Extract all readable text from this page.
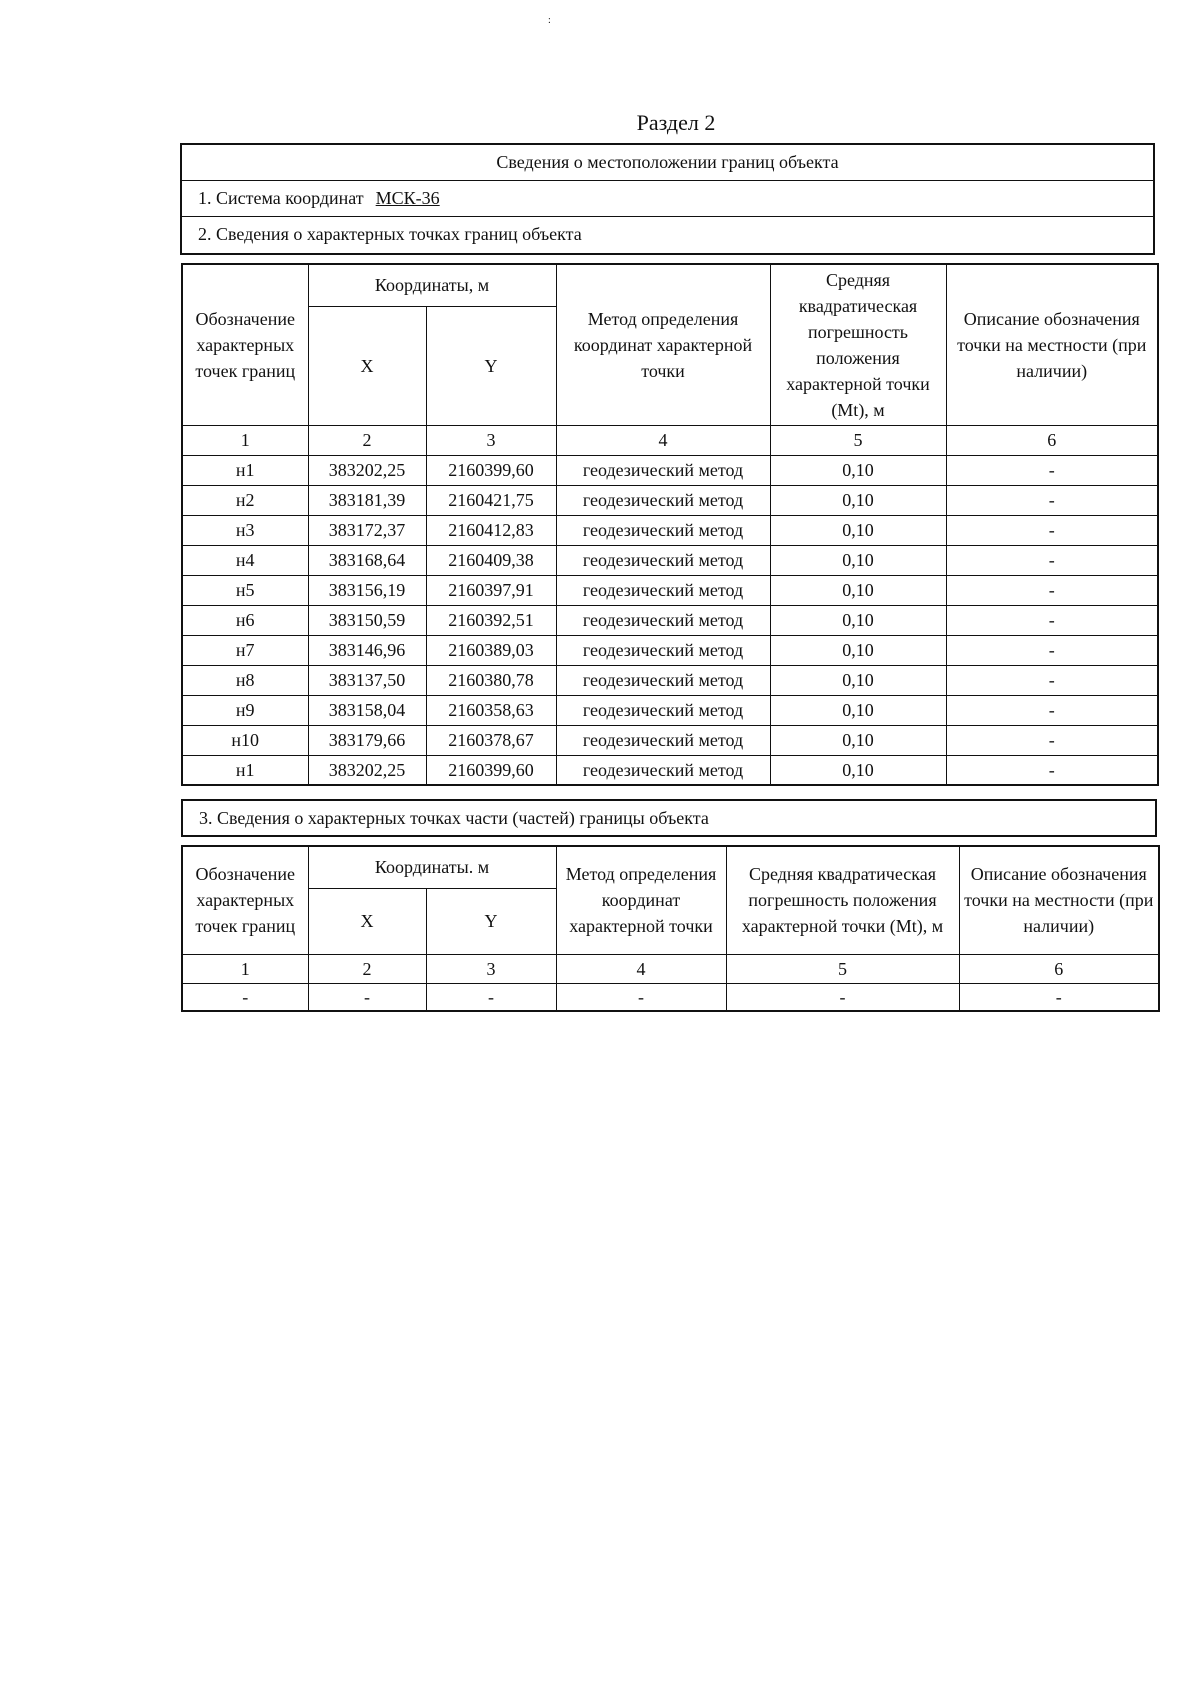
:
Раздел 2
Сведения о местоположении границ объекта
1. Система координат МСК-36
2. Сведения о характерных точках границ объекта
Обозначение характерных точек границ	Координаты, м		Метод определения координат характерной точки	Средняя квадратическая погрешность положения характерной точки (Mt), м	Описание обозначения точки на местности (при наличии)
	X	Y			
1	2	3	4	5	6
н1	383202,25	2160399,60	геодезический метод	0,10	-
н2	383181,39	2160421,75	геодезический метод	0,10	-
н3	383172,37	2160412,83	геодезический метод	0,10	-
н4	383168,64	2160409,38	геодезический метод	0,10	-
н5	383156,19	2160397,91	геодезический метод	0,10	-
н6	383150,59	2160392,51	геодезический метод	0,10	-
н7	383146,96	2160389,03	геодезический метод	0,10	-
н8	383137,50	2160380,78	геодезический метод	0,10	-
н9	383158,04	2160358,63	геодезический метод	0,10	-
н10	383179,66	2160378,67	геодезический метод	0,10	-
н1	383202,25	2160399,60	геодезический метод	0,10	-
3. Сведения о характерных точках части (частей) границы объекта
Обозначение характерных точек границ	Координаты. м		Метод определения координат характерной точки	Средняя квадратическая погрешность положения характерной точки (Mt), м	Описание обозначения точки на местности (при наличии)
	X	Y			
1	2	3	4	5	6
-	-	-	-	-	-
